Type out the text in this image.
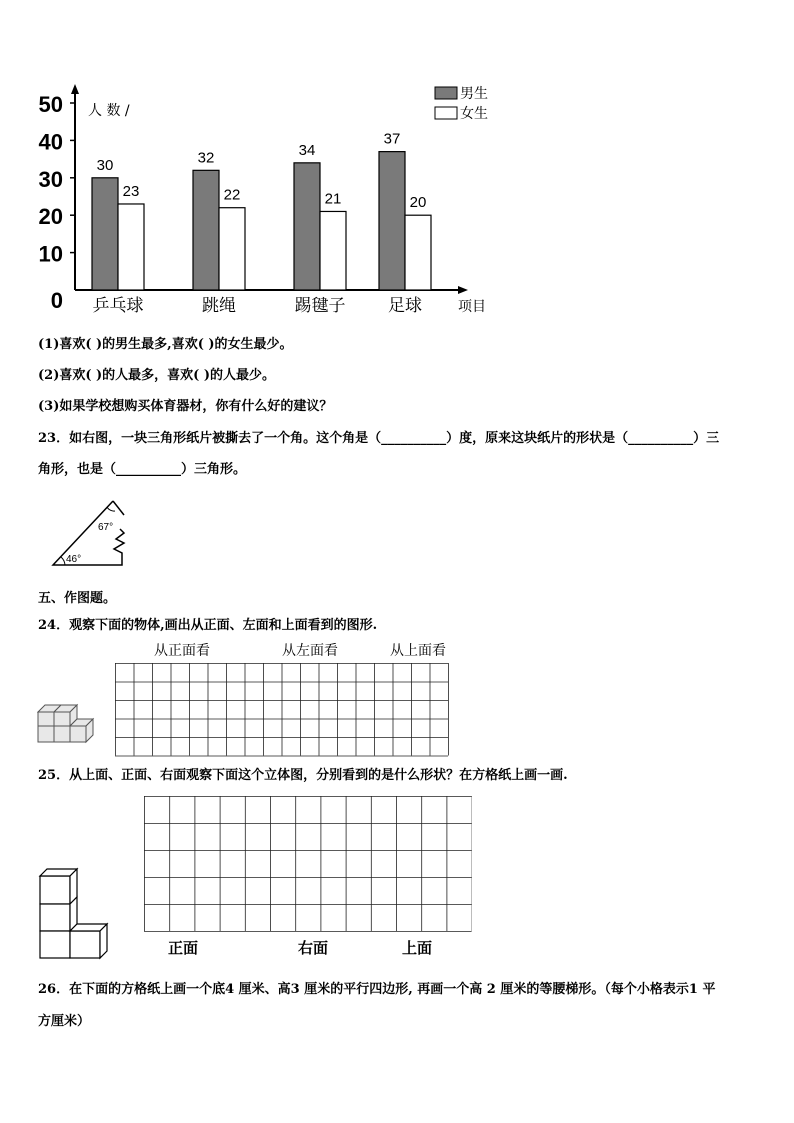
0
10
20
30
40
50 人 数 /
项目
30
23
乒乓球
32
22
跳绳
34
21
踢毽子
37
20
足球
男生
女生
(1)喜欢( )的男生最多,喜欢( )的女生最少。
(2)喜欢( )的人最多，喜欢( )的人最少。
(3)如果学校想购买体育器材，你有什么好的建议？
23．如右图，一块三角形纸片被撕去了一个角。这个角是（__________）度，原来这块纸片的形状是（__________）三
角形，也是（__________）三角形。
67°
46°
五、作图题。
24．观察下面的物体,画出从正面、左面和上面看到的图形.
从正面看	从左面看	从上面看
25．从上面、正面、右面观察下面这个立体图，分别看到的是什么形状？在方格纸上画一画.
正面	右面	上面
26．在下面的方格纸上画一个底4 厘米、高3 厘米的平行四边形, 再画一个高 2 厘米的等腰梯形。（每个小格表示1 平
方厘米）
